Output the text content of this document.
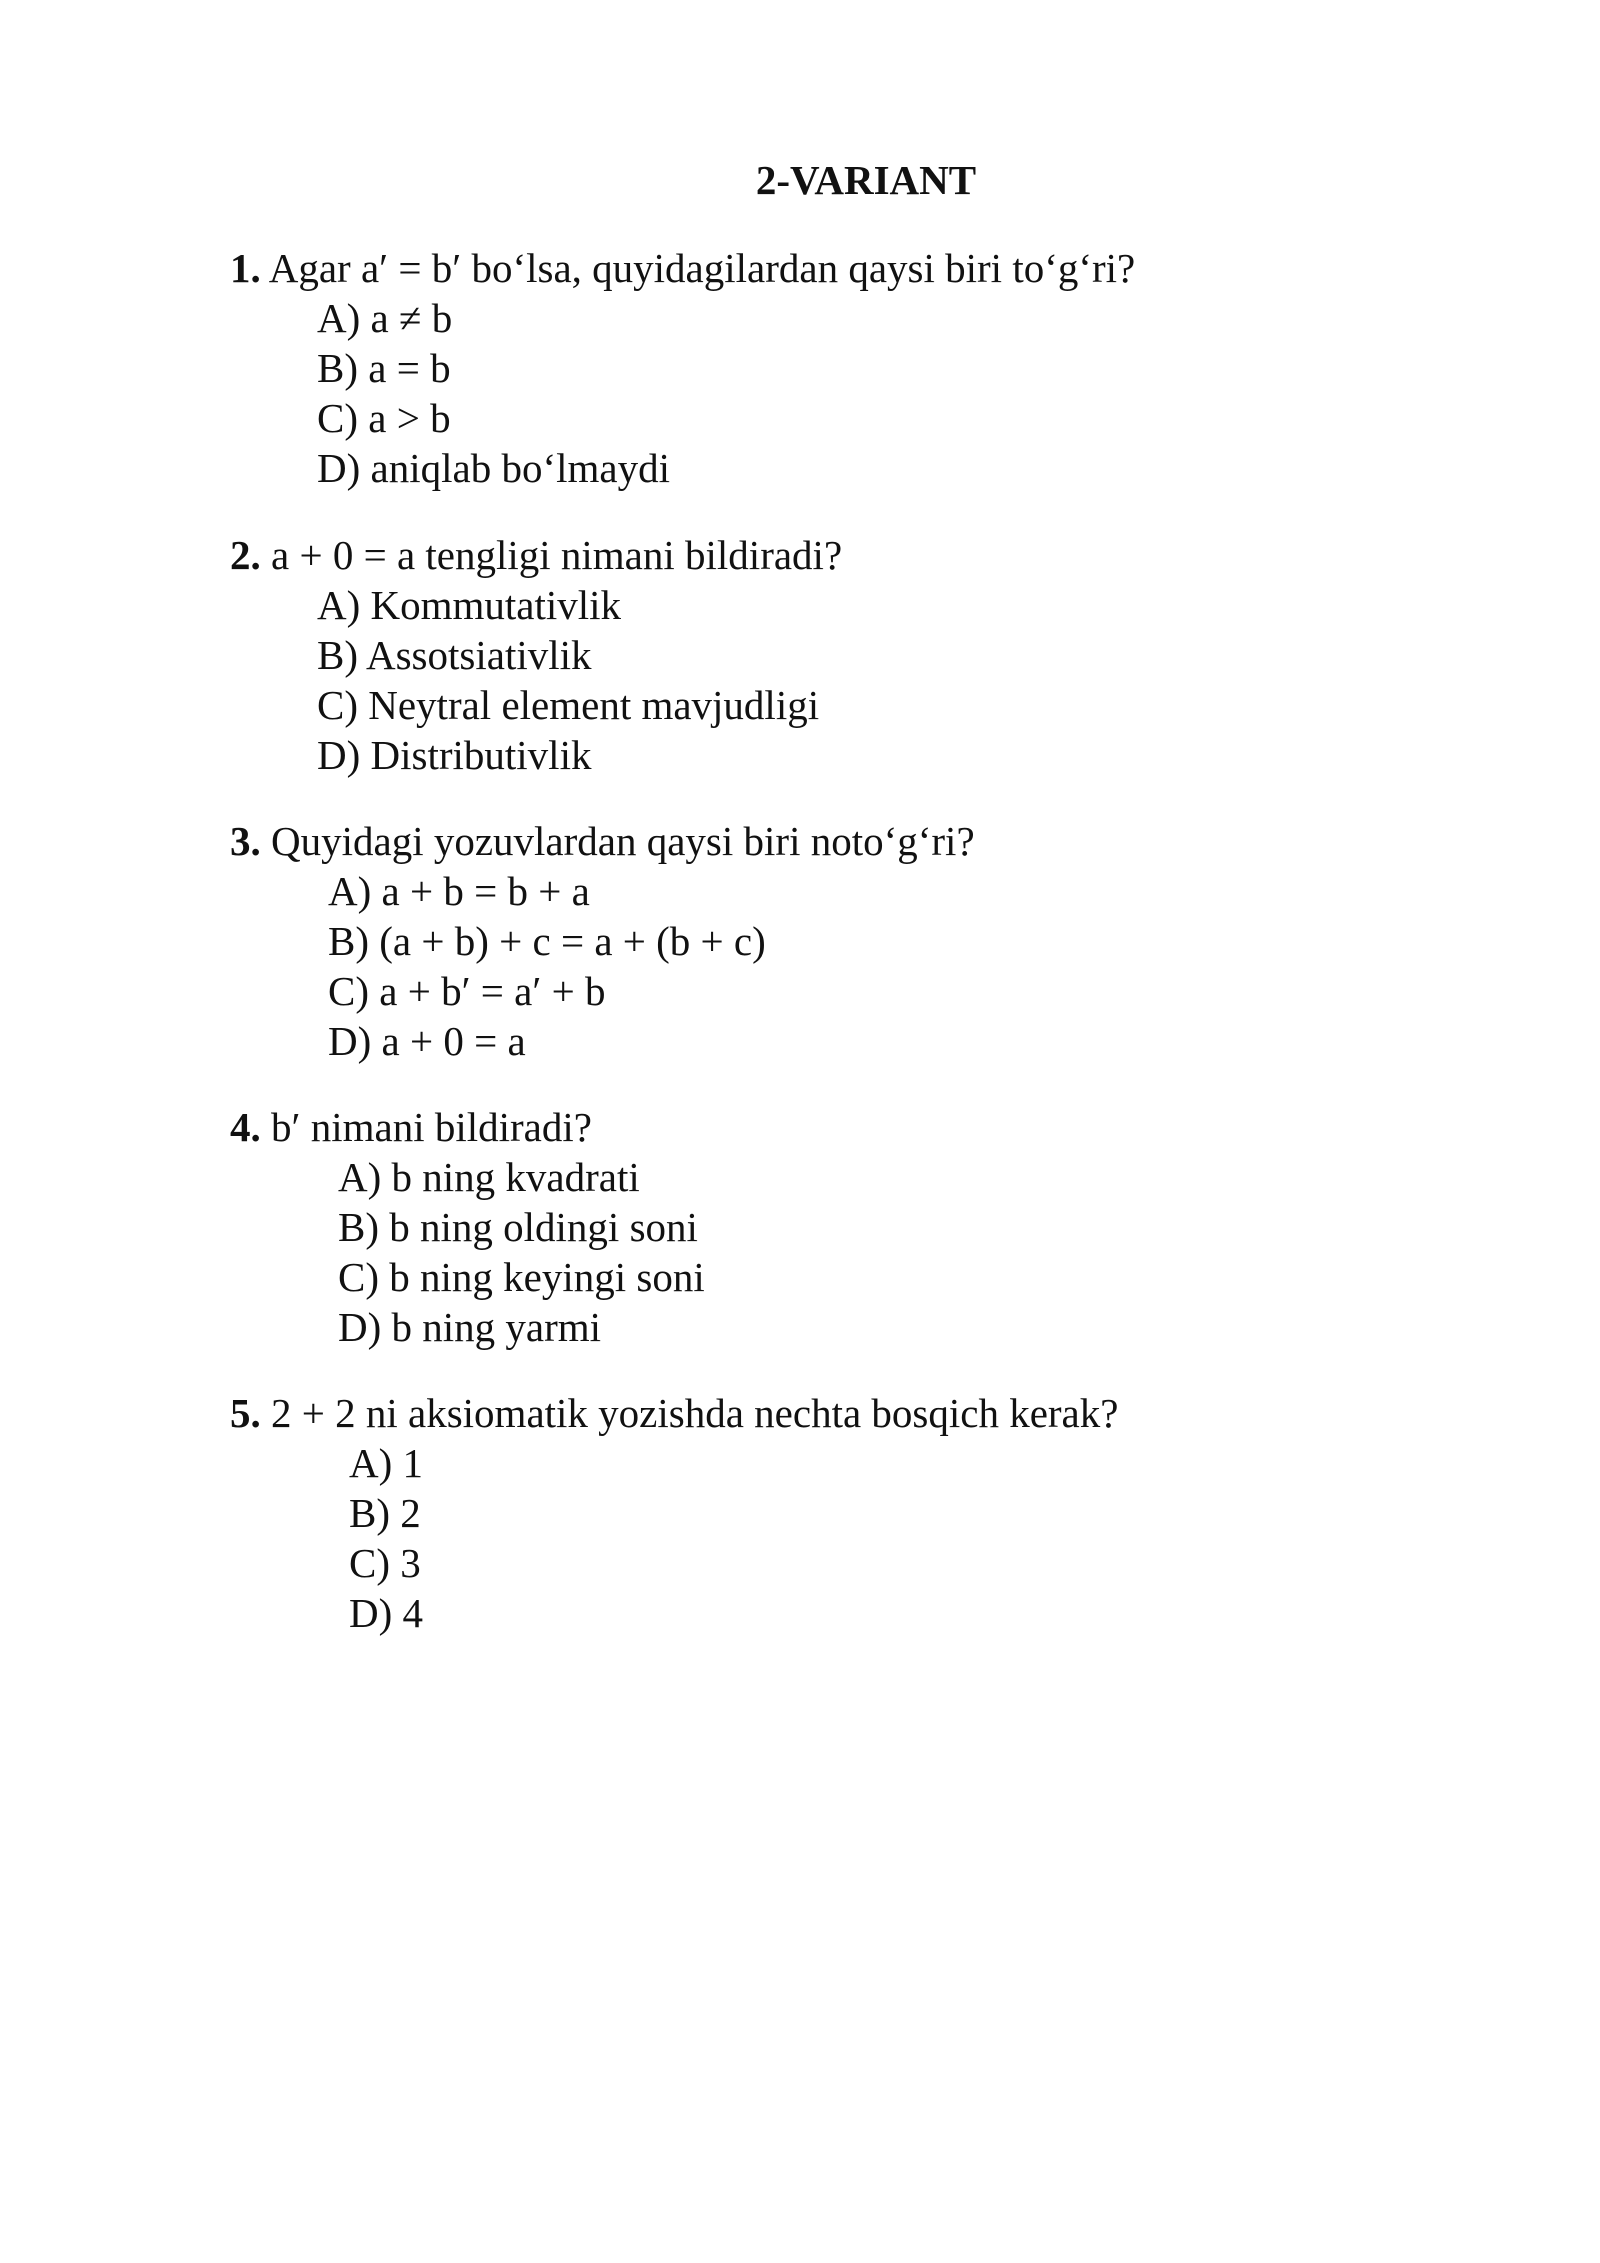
2-VARIANT
1. Agar a′ = b′ bo‘lsa, quyidagilardan qaysi biri to‘g‘ri?
A) a ≠ b
B) a = b
C) a > b
D) aniqlab bo‘lmaydi
2. a + 0 = a tengligi nimani bildiradi?
A) Kommutativlik
B) Assotsiativlik
C) Neytral element mavjudligi
D) Distributivlik
3. Quyidagi yozuvlardan qaysi biri noto‘g‘ri?
A) a + b = b + a
B) (a + b) + c = a + (b + c)
C) a + b′ = a′ + b
D) a + 0 = a
4. b′ nimani bildiradi?
A) b ning kvadrati
B) b ning oldingi soni
C) b ning keyingi soni
D) b ning yarmi
5. 2 + 2 ni aksiomatik yozishda nechta bosqich kerak?
A) 1
B) 2
C) 3
D) 4
